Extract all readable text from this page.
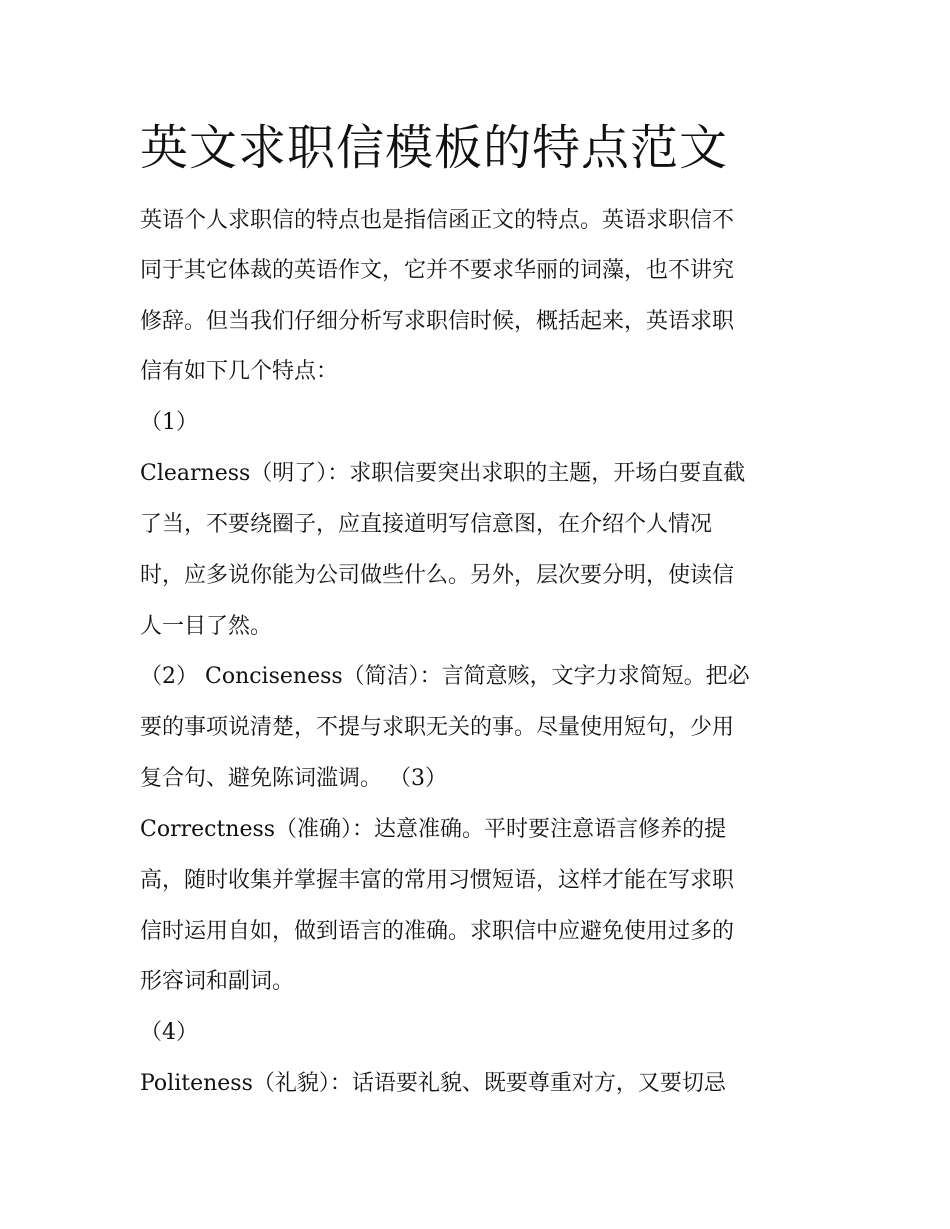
英文求职信模板的特点范文

英语个人求职信的特点也是指信函正文的特点。英语求职信不

同于其它体裁的英语作文，它并不要求华丽的词藻，也不讲究

修辞。但当我们仔细分析写求职信时候，概括起来，英语求职

信有如下几个特点：

（1）

Clearness（明了）：求职信要突出求职的主题，开场白要直截

了当，不要绕圈子，应直接道明写信意图，在介绍个人情况

时，应多说你能为公司做些什么。另外，层次要分明，使读信

人一目了然。

（2） Conciseness（简洁）：言简意赅，文字力求简短。把必

要的事项说清楚，不提与求职无关的事。尽量使用短句，少用

复合句、避免陈词滥调。 （3）

Correctness（准确）：达意准确。平时要注意语言修养的提

高，随时收集并掌握丰富的常用习惯短语，这样才能在写求职

信时运用自如，做到语言的准确。求职信中应避免使用过多的

形容词和副词。

（4）

Politeness（礼貌）：话语要礼貌、既要尊重对方，又要切忌
